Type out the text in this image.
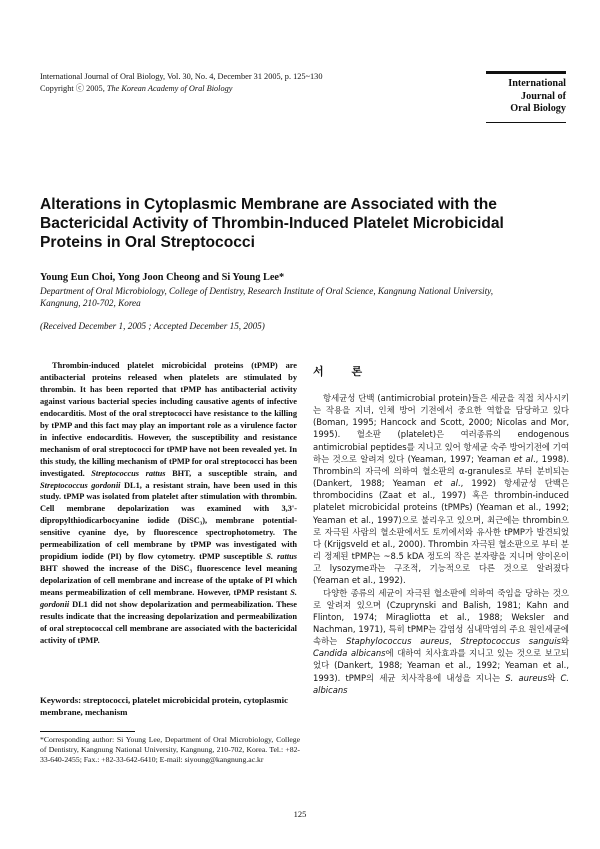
International Journal of Oral Biology, Vol. 30, No. 4, December 31 2005, p. 125~130
Copyright ⓒ 2005, The Korean Academy of Oral Biology	International
Journal of
Oral Biology
Alterations in Cytoplasmic Membrane are Associated with the Bactericidal Activity of Thrombin-Induced Platelet Microbicidal Proteins in Oral Streptococci
Young Eun Choi, Yong Joon Cheong and Si Young Lee*
Department of Oral Microbiology, College of Dentistry, Research Institute of Oral Science, Kangnung National University, Kangnung, 210-702, Korea
(Received December 1, 2005 ; Accepted December 15, 2005)

Thrombin-induced platelet microbicidal proteins (tPMP) are antibacterial proteins released when platelets are stimulated by thrombin. It has been reported that tPMP has antibacterial activity against various bacterial species including causative agents of infective endocarditis. Most of the oral streptococci have resistance to the killing by tPMP and this fact may play an important role as a virulence factor in infective endocarditis. However, the susceptibility and resistance mechanism of oral streptococci for tPMP have not been revealed yet. In this study, the killing mechanism of tPMP for oral streptococci has been investigated. Streptococcus rattus BHT, a susceptible strain, and Streptococcus gordonii DL1, a resistant strain, have been used in this study. tPMP was isolated from platelet after stimulation with thrombin. Cell membrane depolarization was examined with 3,3'-dipropylthiodicarbocyanine iodide (DiSC₃), membrane potential-sensitive cyanine dye, by fluorescence spectrophotometry. The permeabilization of cell membrane by tPMP was investigated with propidium iodide (PI) by flow cytometry. tPMP susceptible S. rattus BHT showed the increase of the DiSC₃ fluorescence level meaning depolarization of cell membrane and increase of the uptake of PI which means permeabilization of cell membrane. However, tPMP resistant S. gordonii DL1 did not show depolarization and permeabilization. These results indicate that the increasing depolarization and permeabilization of oral streptococcal cell membrane are associated with the bactericidal activity of tPMP.

Keywords: streptococci, platelet microbicidal protein, cytoplasmic membrane, mechanism
*Corresponding author: Si Young Lee, Department of Oral Microbiology, College of Dentistry, Kangnung National University, Kangnung, 210-702, Korea. Tel.: +82-33-640-2455; Fax.: +82-33-642-6410; E-mail: siyoung@kangnung.ac.kr
서 론

항세균성 단백 (antimicrobial protein)들은 세균을 직접 치사시키는 작용을 지녀, 인체 방어 기전에서 중요한 역할을 담당하고 있다 (Boman, 1995; Hancock and Scott, 2000; Nicolas and Mor, 1995). 혈소판 (platelet)은 여러종류의 endogenous antimicrobial peptides를 지니고 있어 항세균 숙주 방어기전에 기여하는 것으로 알려져 있다 (Yeaman, 1997; Yeaman et al., 1998). Thrombin의 자극에 의하여 혈소판의 α-granules로 부터 분비되는 (Dankert, 1988; Yeaman et al., 1992) 항세균성 단백은 thrombocidins (Zaat et al., 1997) 혹은 thrombin-induced platelet microbicidal proteins (tPMPs) (Yeaman et al., 1992; Yeaman et al., 1997)으로 불리우고 있으며, 최근에는 thrombin으로 자극된 사람의 혈소판에서도 토끼에서와 유사한 tPMP가 발견되었다 (Krijgsveld et al., 2000). Thrombin 자극된 혈소판으로 부터 분리 정제된 tPMP는 ~8.5 kDA 정도의 작은 분자량을 지니며 양이온이고 lysozyme과는 구조적, 기능적으로 다른 것으로 알려졌다 (Yeaman et al., 1992).

다양한 종류의 세균이 자극된 혈소판에 의하여 죽임을 당하는 것으로 알려져 있으며 (Czuprynski and Balish, 1981; Kahn and Flinton, 1974; Miragliotta et al., 1988; Weksler and Nachman, 1971), 특히 tPMP는 감염성 심내막염의 주요 원인세균에 속하는 Staphylococcus aureus, Streptococcus sanguis와 Candida albicans에 대하여 치사효과를 지니고 있는 것으로 보고되었다 (Dankert, 1988; Yeaman et al., 1992; Yeaman et al., 1993). tPMP의 세균 치사작용에 내성을 지니는 S. aureus와 C. albicans

125
